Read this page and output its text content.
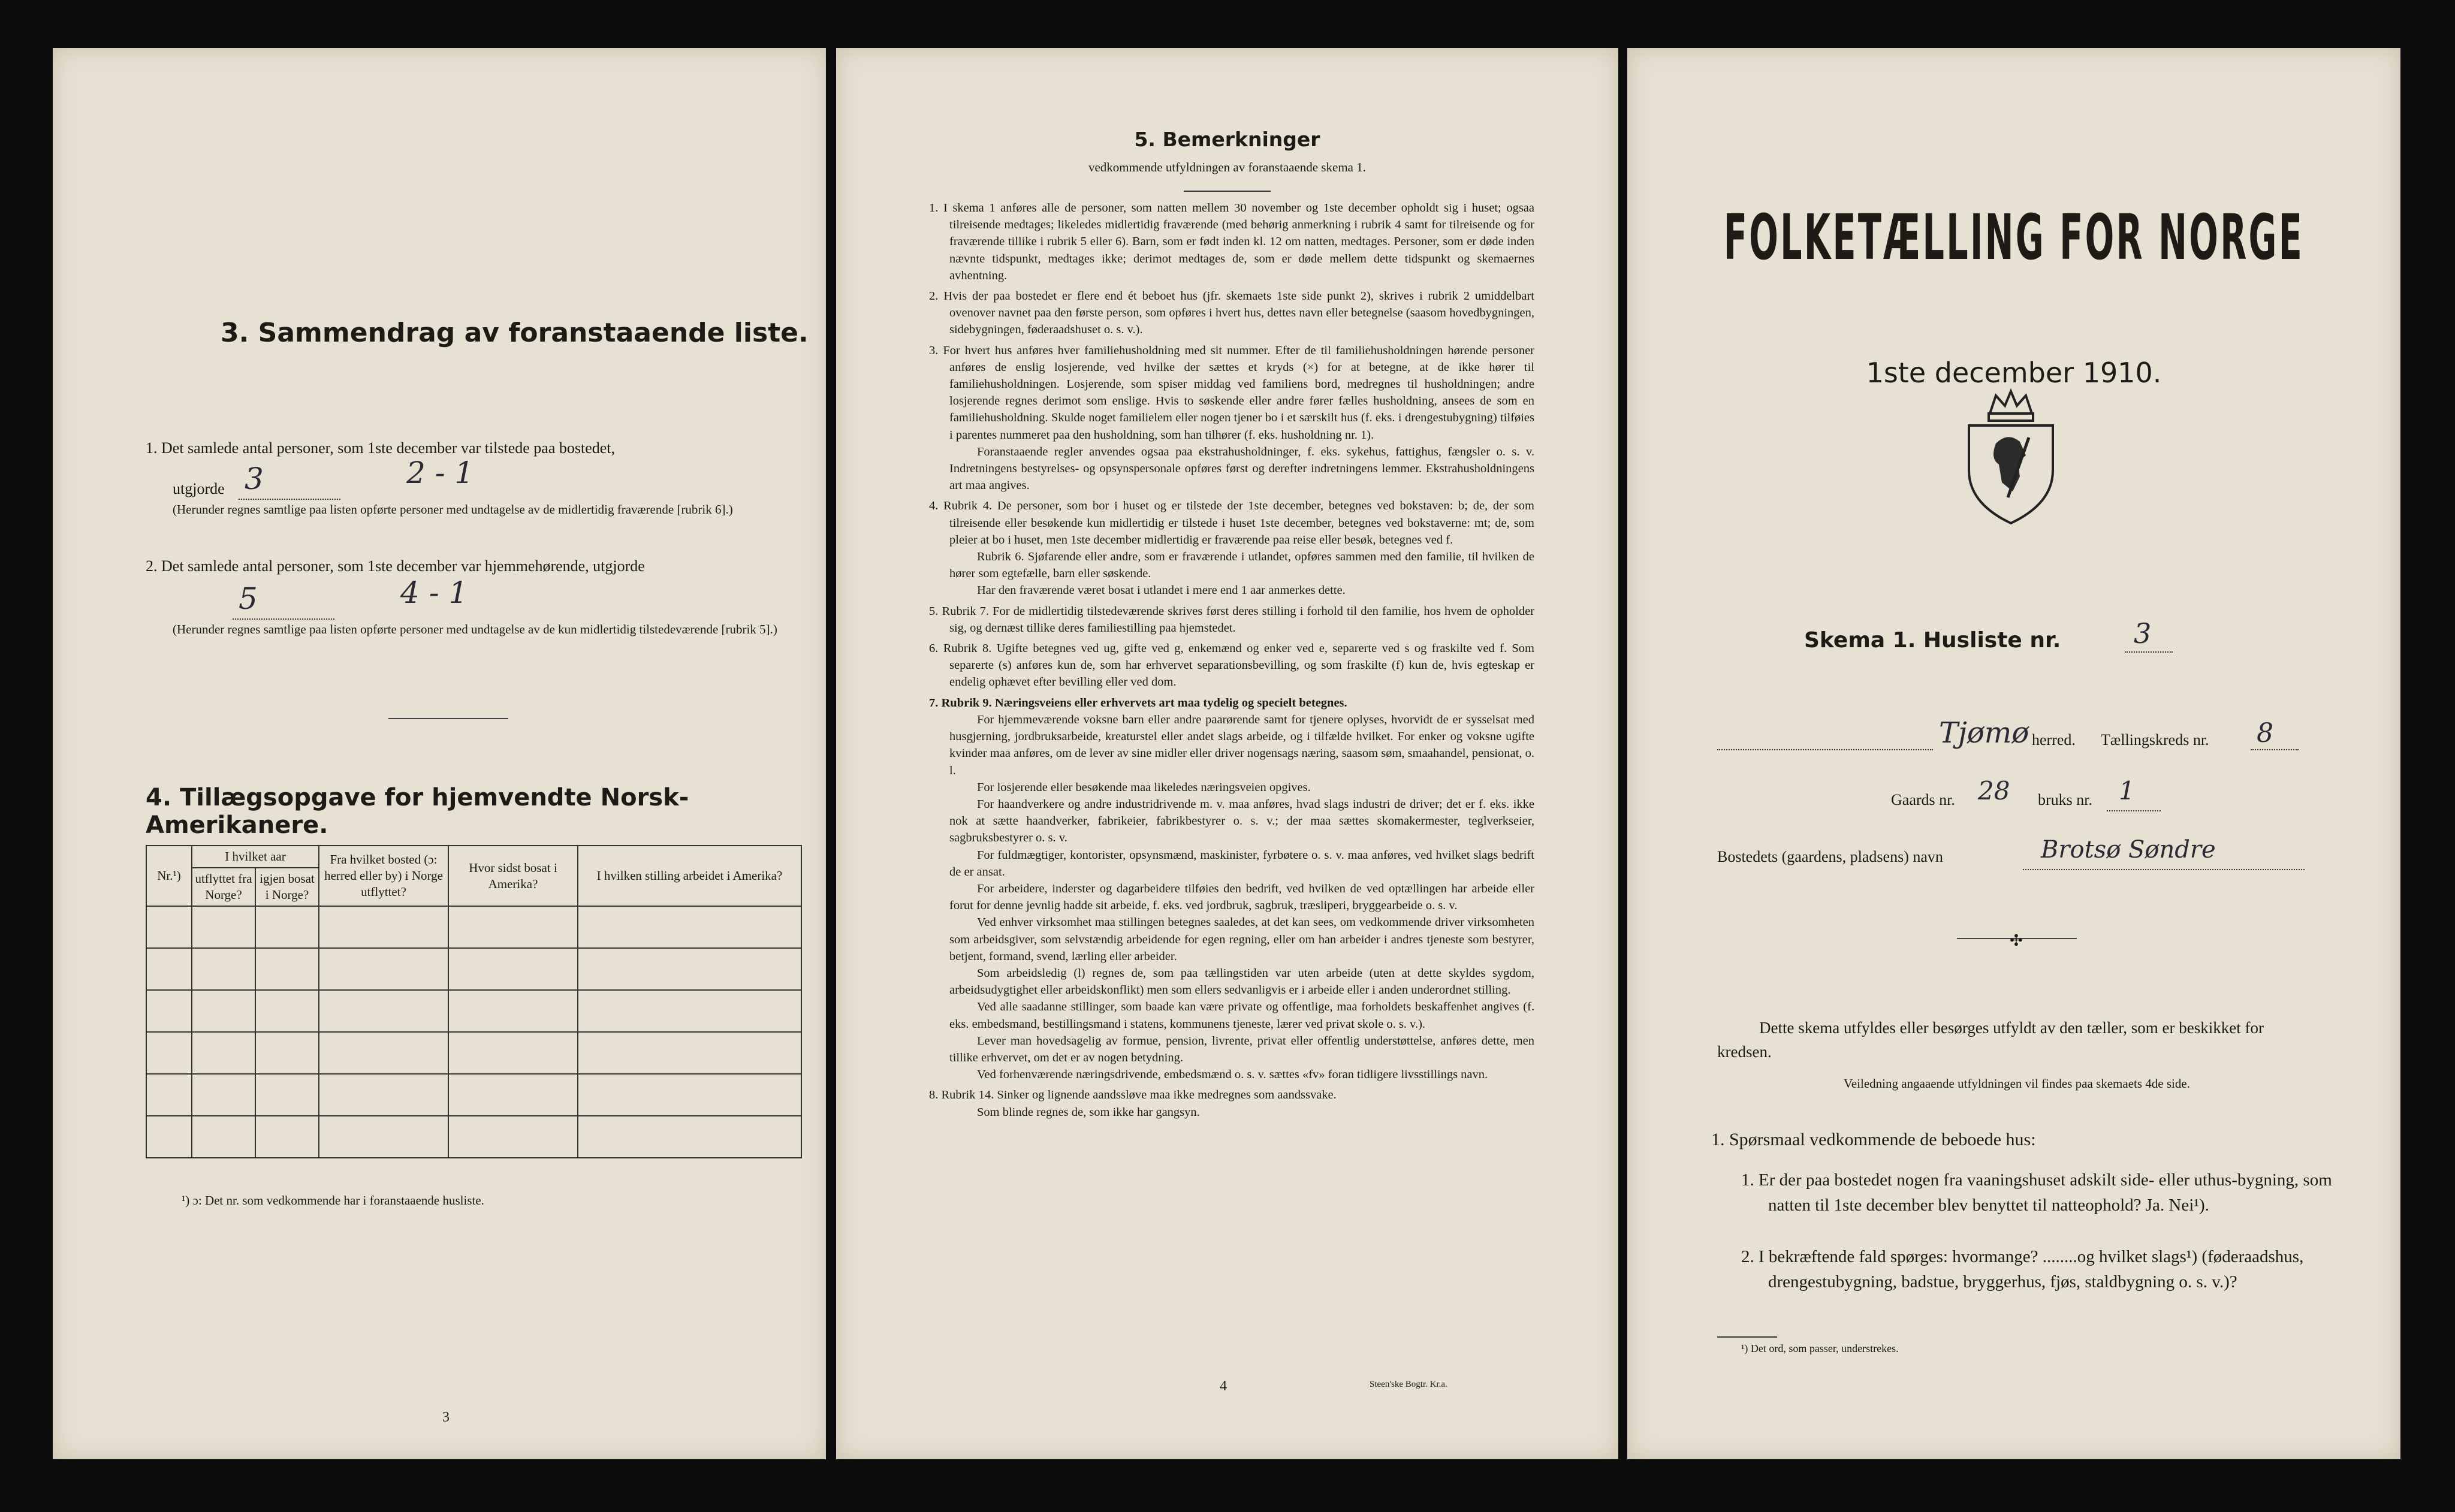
3. Sammendrag av foranstaaende liste.
1. Det samlede antal personer, som 1ste december var tilstede paa bostedet,
utgjorde 3	2 - 1
(Herunder regnes samtlige paa listen opførte personer med undtagelse av de midlertidig fraværende [rubrik 6].)
2. Det samlede antal personer, som 1ste december var hjemmehørende, utgjorde
5	4 - 1
(Herunder regnes samtlige paa listen opførte personer med undtagelse av de kun midlertidig tilstedeværende [rubrik 5].)
4. Tillægsopgave for hjemvendte Norsk-Amerikanere.
Nr.¹)	I hvilket aar		Fra hvilket bosted (ɔ: herred eller by) i Norge utflyttet?	Hvor sidst bosat i Amerika?	I hvilken stilling arbeidet i Amerika?
	utflyttet fra Norge?	igjen bosat i Norge?			

¹) ɔ: Det nr. som vedkommende har i foranstaaende husliste.
3
5. Bemerkninger
vedkommende utfyldningen av foranstaaende skema 1.

1. I skema 1 anføres alle de personer, som natten mellem 30 november og 1ste december opholdt sig i huset; ogsaa tilreisende medtages; likeledes midlertidig fraværende (med behørig anmerkning i rubrik 4 samt for tilreisende og for fraværende tillike i rubrik 5 eller 6). Barn, som er født inden kl. 12 om natten, medtages. Personer, som er døde inden nævnte tidspunkt, medtages ikke; derimot medtages de, som er døde mellem dette tidspunkt og skemaernes avhentning.

2. Hvis der paa bostedet er flere end ét beboet hus (jfr. skemaets 1ste side punkt 2), skrives i rubrik 2 umiddelbart ovenover navnet paa den første person, som opføres i hvert hus, dettes navn eller betegnelse (saasom hovedbygningen, sidebygningen, føderaadshuset o. s. v.).

3. For hvert hus anføres hver familiehusholdning med sit nummer. Efter de til familiehusholdningen hørende personer anføres de enslig losjerende, ved hvilke der sættes et kryds (×) for at betegne, at de ikke hører til familiehusholdningen. Losjerende, som spiser middag ved familiens bord, medregnes til husholdningen; andre losjerende regnes derimot som enslige. Hvis to søskende eller andre fører fælles husholdning, ansees de som en familiehusholdning. Skulde noget familielem eller nogen tjener bo i et særskilt hus (f. eks. i drengestubygning) tilføies i parentes nummeret paa den husholdning, som han tilhører (f. eks. husholdning nr. 1).

Foranstaaende regler anvendes ogsaa paa ekstrahusholdninger, f. eks. sykehus, fattighus, fængsler o. s. v. Indretningens bestyrelses- og opsynspersonale opføres først og derefter indretningens lemmer. Ekstrahusholdningens art maa angives.

4. Rubrik 4. De personer, som bor i huset og er tilstede der 1ste december, betegnes ved bokstaven: b; de, der som tilreisende eller besøkende kun midlertidig er tilstede i huset 1ste december, betegnes ved bokstaverne: mt; de, som pleier at bo i huset, men 1ste december midlertidig er fraværende paa reise eller besøk, betegnes ved f.

Rubrik 6. Sjøfarende eller andre, som er fraværende i utlandet, opføres sammen med den familie, til hvilken de hører som egtefælle, barn eller søskende.

Har den fraværende været bosat i utlandet i mere end 1 aar anmerkes dette.

5. Rubrik 7. For de midlertidig tilstedeværende skrives først deres stilling i forhold til den familie, hos hvem de opholder sig, og dernæst tillike deres familiestilling paa hjemstedet.

6. Rubrik 8. Ugifte betegnes ved ug, gifte ved g, enkemænd og enker ved e, separerte ved s og fraskilte ved f. Som separerte (s) anføres kun de, som har erhvervet separationsbevilling, og som fraskilte (f) kun de, hvis egteskap er endelig ophævet efter bevilling eller ved dom.

7. Rubrik 9. Næringsveiens eller erhvervets art maa tydelig og specielt betegnes.

For hjemmeværende voksne barn eller andre paarørende samt for tjenere oplyses, hvorvidt de er sysselsat med husgjerning, jordbruksarbeide, kreaturstel eller andet slags arbeide, og i tilfælde hvilket. For enker og voksne ugifte kvinder maa anføres, om de lever av sine midler eller driver nogensags næring, saasom søm, smaahandel, pensionat, o. l.

For losjerende eller besøkende maa likeledes næringsveien opgives.

For haandverkere og andre industridrivende m. v. maa anføres, hvad slags industri de driver; det er f. eks. ikke nok at sætte haandverker, fabrikeier, fabrikbestyrer o. s. v.; der maa sættes skomakermester, teglverkseier, sagbruksbestyrer o. s. v.

For fuldmægtiger, kontorister, opsynsmænd, maskinister, fyrbøtere o. s. v. maa anføres, ved hvilket slags bedrift de er ansat.

For arbeidere, inderster og dagarbeidere tilføies den bedrift, ved hvilken de ved optællingen har arbeide eller forut for denne jevnlig hadde sit arbeide, f. eks. ved jordbruk, sagbruk, træsliperi, bryggearbeide o. s. v.

Ved enhver virksomhet maa stillingen betegnes saaledes, at det kan sees, om vedkommende driver virksomheten som arbeidsgiver, som selvstændig arbeidende for egen regning, eller om han arbeider i andres tjeneste som bestyrer, betjent, formand, svend, lærling eller arbeider.

Som arbeidsledig (l) regnes de, som paa tællingstiden var uten arbeide (uten at dette skyldes sygdom, arbeidsudygtighet eller arbeidskonflikt) men som ellers sedvanligvis er i arbeide eller i anden underordnet stilling.

Ved alle saadanne stillinger, som baade kan være private og offentlige, maa forholdets beskaffenhet angives (f. eks. embedsmand, bestillingsmand i statens, kommunens tjeneste, lærer ved privat skole o. s. v.).

Lever man hovedsagelig av formue, pension, livrente, privat eller offentlig understøttelse, anføres dette, men tillike erhvervet, om det er av nogen betydning.

Ved forhenværende næringsdrivende, embedsmænd o. s. v. sættes «fv» foran tidligere livsstillings navn.

8. Rubrik 14. Sinker og lignende aandssløve maa ikke medregnes som aandssvake.

Som blinde regnes de, som ikke har gangsyn.

4	Steen'ske Bogtr. Kr.a.
FOLKETÆLLING FOR NORGE
1ste december 1910.
Skema 1. Husliste nr.	3
Tjømø herred. Tællingskreds nr. 8
Gaards nr. 28 bruks nr. 1
Bostedets (gaardens, pladsens) navn	Brotsø Søndre
✣
Dette skema utfyldes eller besørges utfyldt av den tæller, som er beskikket for kredsen.
Veiledning angaaende utfyldningen vil findes paa skemaets 4de side.
1. Spørsmaal vedkommende de beboede hus:
1. Er der paa bostedet nogen fra vaaningshuset adskilt side- eller uthus-bygning, som natten til 1ste december blev benyttet til natteophold? Ja. Nei¹).
2. I bekræftende fald spørges: hvormange? ........og hvilket slags¹) (føderaadshus, drengestubygning, badstue, bryggerhus, fjøs, staldbygning o. s. v.)?
¹) Det ord, som passer, understrekes.
